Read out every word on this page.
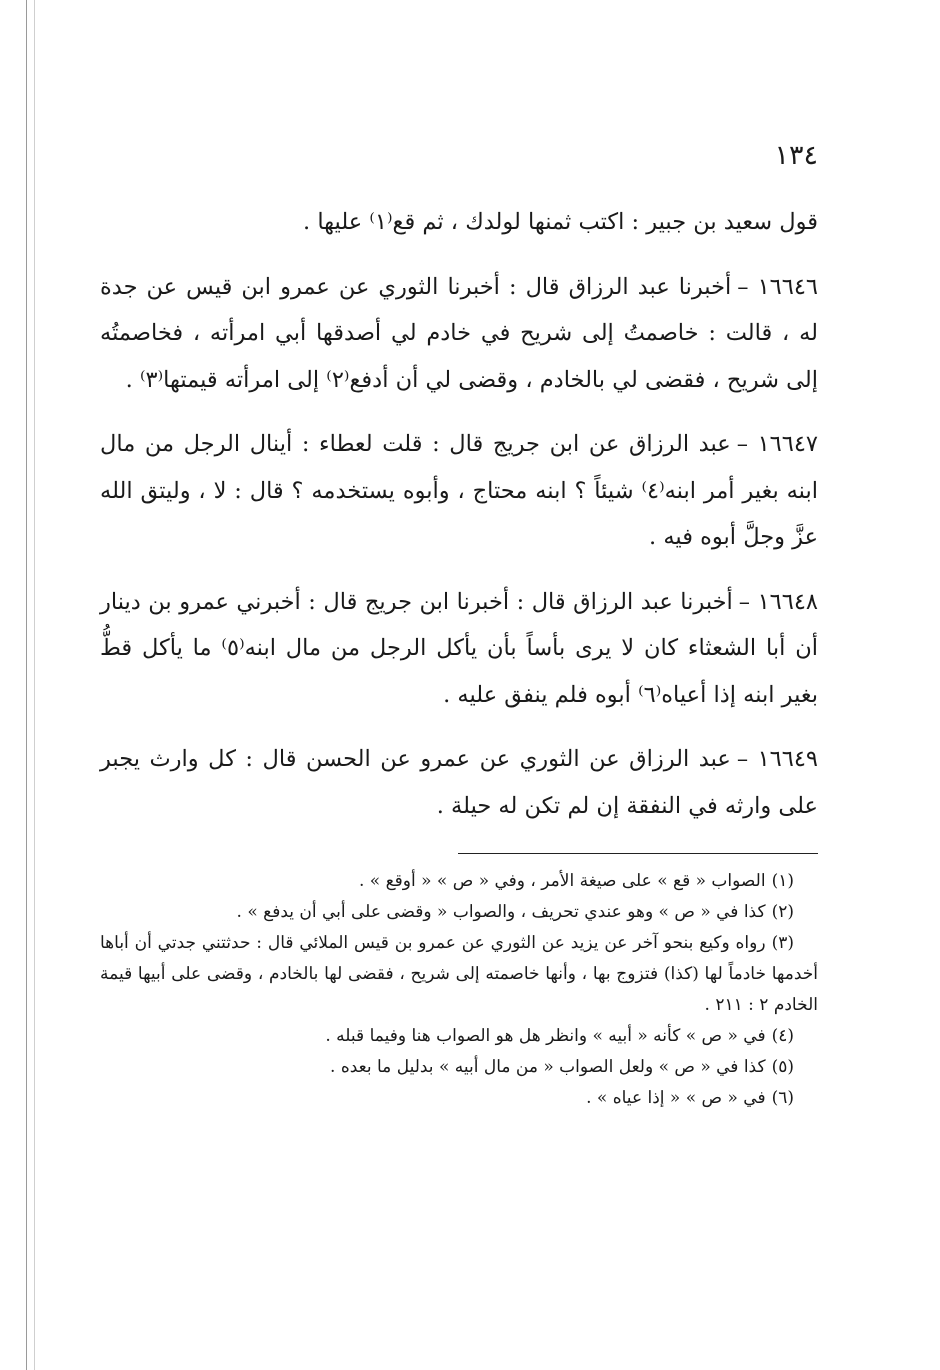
١٣٤

قول سعيد بن جبير : اكتب ثمنها لولدك ، ثم قع⁽١⁾ عليها .

١٦٦٤٦ –أخبرنا عبد الرزاق قال : أخبرنا الثوري عن عمرو ابن قيس عن جدة له ، قالت : خاصمتُ إلى شريح في خادم لي أصدقها أبي امرأته ، فخاصمتُه إلى شريح ، فقضى لي بالخادم ، وقضى لي أن أدفع⁽٢⁾ إلى امرأته قيمتها⁽٣⁾ .

١٦٦٤٧ –عبد الرزاق عن ابن جريج قال : قلت لعطاء : أينال الرجل من مال ابنه بغير أمر ابنه⁽٤⁾ شيئاً ؟ ابنه محتاج ، وأبوه يستخدمه ؟ قال : لا ، وليتق الله عزَّ وجلَّ أبوه فيه .

١٦٦٤٨ –أخبرنا عبد الرزاق قال : أخبرنا ابن جريج قال : أخبرني عمرو بن دينار أن أبا الشعثاء كان لا يرى بأساً بأن يأكل الرجل من مال ابنه⁽٥⁾ ما يأكل قطُّ بغير ابنه إذا أعياه⁽٦⁾ أبوه فلم ينفق عليه .

١٦٦٤٩ –عبد الرزاق عن الثوري عن عمرو عن الحسن قال : كل وارث يجبر على وارثه في النفقة إن لم تكن له حيلة .

(١)الصواب « قع » على صيغة الأمر ، وفي « ص » « أوقع » .

(٢)كذا في « ص » وهو عندي تحريف ، والصواب « وقضى على أبي أن يدفع » .

(٣)رواه وكيع بنحو آخر عن يزيد عن الثوري عن عمرو بن قيس الملائي قال : حدثتني جدتي أن أباها أخدمها خادماً لها (كذا) فتزوج بها ، وأنها خاصمته إلى شريح ، فقضى لها بالخادم ، وقضى على أبيها قيمة الخادم ٢ : ٢١١ .

(٤)في « ص » كأنه « أبيه » وانظر هل هو الصواب هنا وفيما قبله .

(٥)كذا في « ص » ولعل الصواب « من مال أبيه » بدليل ما بعده .

(٦)في « ص » « إذا عياه » .
